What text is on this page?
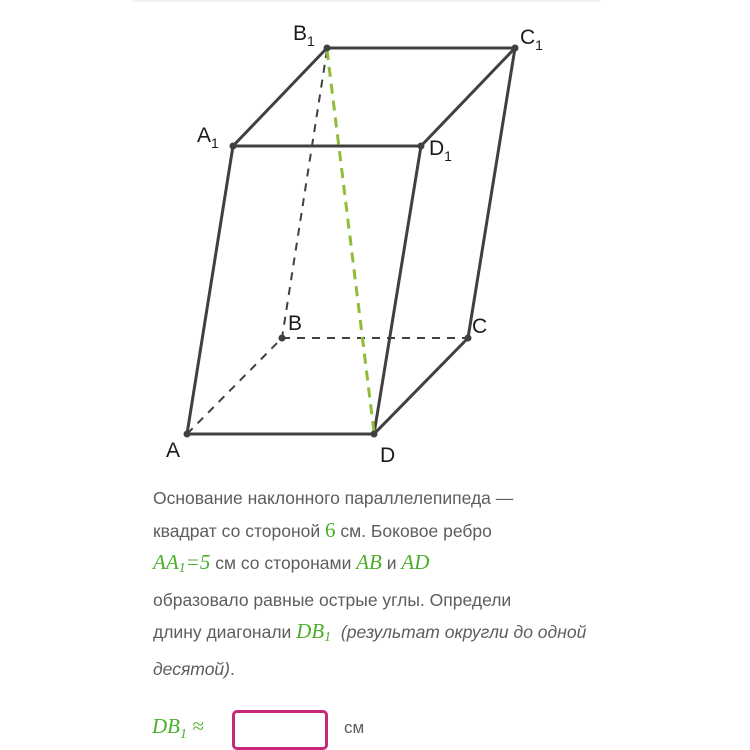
$B_1$	$C_1$
$A_1$	$D_1$
B	C
A	D
Основание наклонного параллелепипеда —
квадрат со стороной 6 см. Боковое ребро
$AA_1=5$ см со сторонами AB и AD
образовало равные острые углы. Определи
длину диагонали $DB_1$ (результат округли до одной десятой).
$DB_1$ ≈	см
